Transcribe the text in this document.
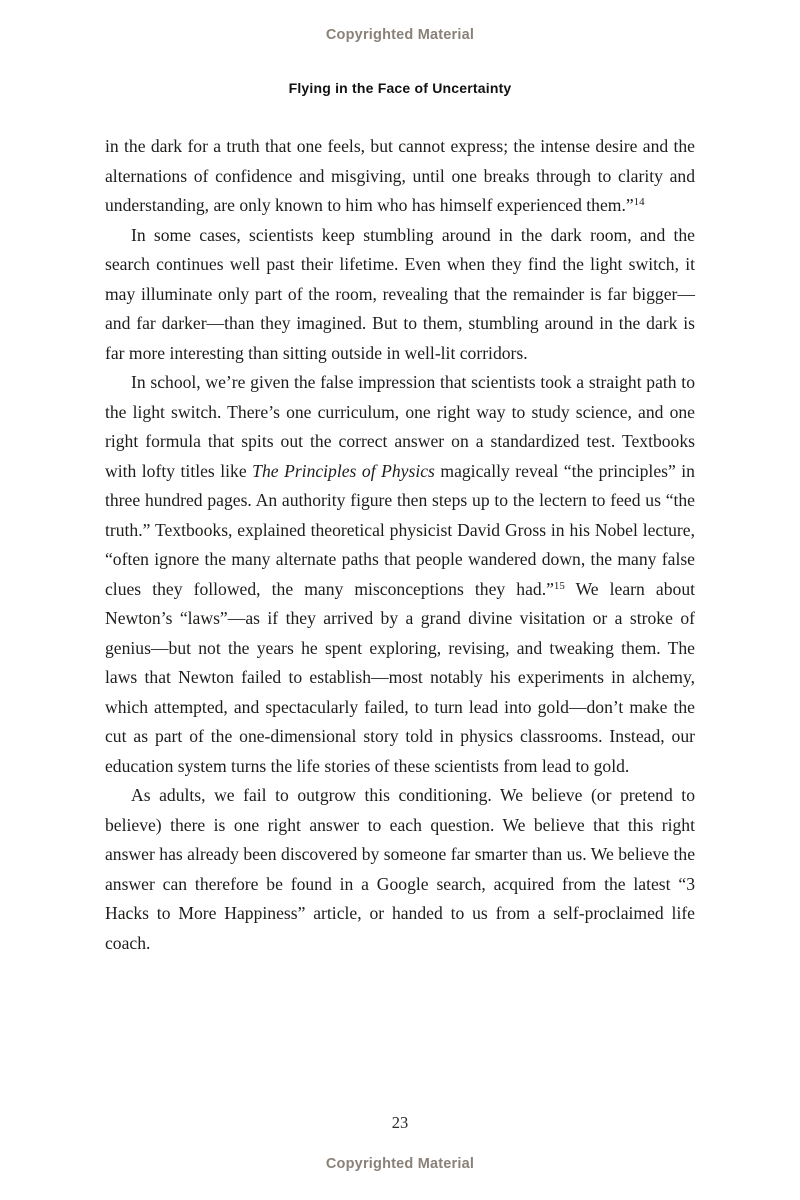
Copyrighted Material
Flying in the Face of Uncertainty

in the dark for a truth that one feels, but cannot express; the intense desire and the alternations of confidence and misgiving, until one breaks through to clarity and understanding, are only known to him who has himself experienced them.”$^{14}$

In some cases, scientists keep stumbling around in the dark room, and the search continues well past their lifetime. Even when they find the light switch, it may illuminate only part of the room, revealing that the remainder is far bigger—and far darker—than they imagined. But to them, stumbling around in the dark is far more interesting than sitting outside in well-lit corridors.

In school, we’re given the false impression that scientists took a straight path to the light switch. There’s one curriculum, one right way to study science, and one right formula that spits out the correct answer on a standardized test. Textbooks with lofty titles like The Principles of Physics magically reveal “the principles” in three hundred pages. An authority figure then steps up to the lectern to feed us “the truth.” Textbooks, explained theoretical physicist David Gross in his Nobel lecture, “often ignore the many alternate paths that people wandered down, the many false clues they followed, the many misconceptions they had.”$^{15}$ We learn about Newton’s “laws”—as if they arrived by a grand divine visitation or a stroke of genius—but not the years he spent exploring, revising, and tweaking them. The laws that Newton failed to establish—most notably his experiments in alchemy, which attempted, and spectacularly failed, to turn lead into gold—don’t make the cut as part of the one-dimensional story told in physics classrooms. Instead, our education system turns the life stories of these scientists from lead to gold.

As adults, we fail to outgrow this conditioning. We believe (or pretend to believe) there is one right answer to each question. We believe that this right answer has already been discovered by someone far smarter than us. We believe the answer can therefore be found in a Google search, acquired from the latest “3 Hacks to More Happiness” article, or handed to us from a self-proclaimed life coach.

23
Copyrighted Material
